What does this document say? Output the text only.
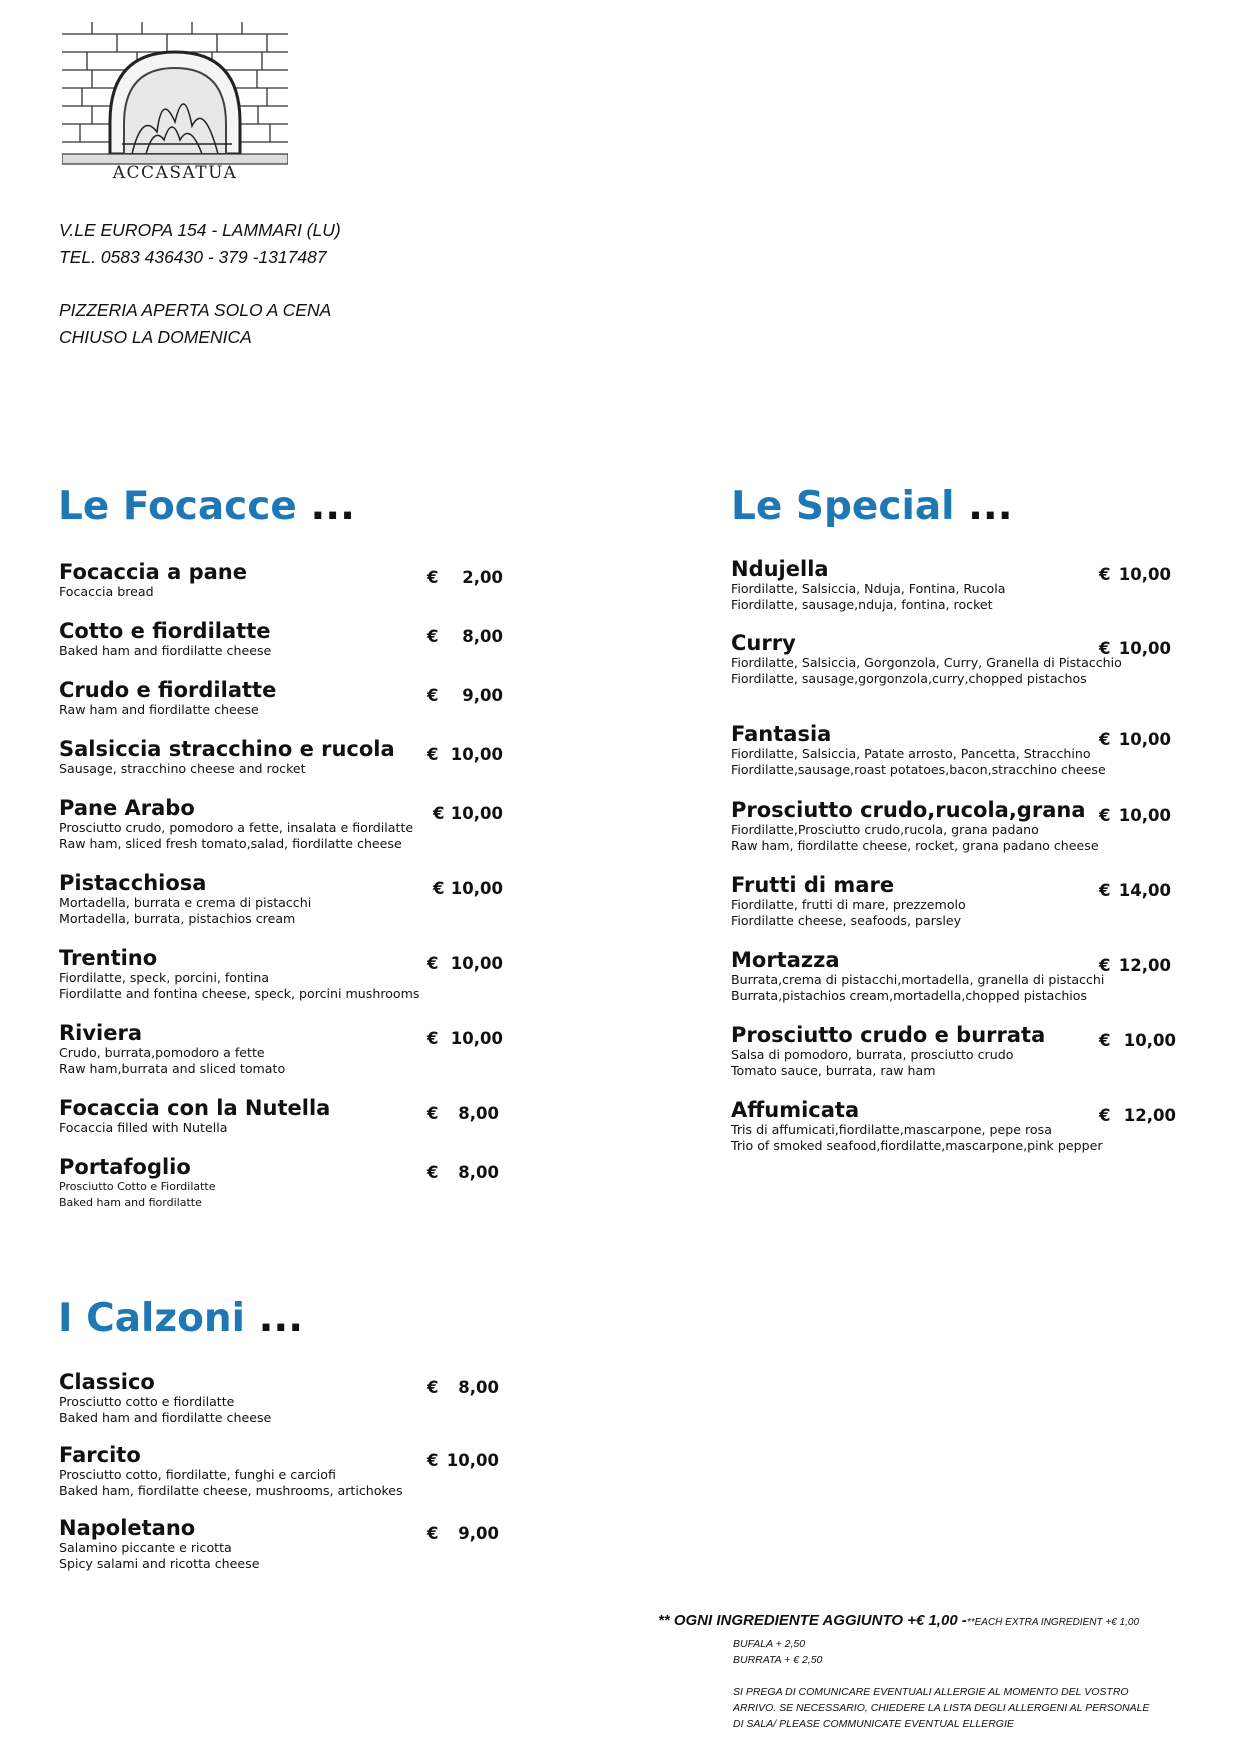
ACCASATUA
V.LE EUROPA 154 - LAMMARI (LU)
TEL. 0583 436430 - 379 -1317487
PIZZERIA APERTA SOLO A CENA
CHIUSO LA DOMENICA
Le Focacce ...
Focaccia a pane
Focaccia bread
€ 2,00
Cotto e fiordilatte
Baked ham and fiordilatte cheese
€ 8,00
Crudo e fiordilatte
Raw ham and fiordilatte cheese
€ 9,00
Salsiccia stracchino e rucola
Sausage, stracchino cheese and rocket
€ 10,00
Pane Arabo
Prosciutto crudo, pomodoro a fette, insalata e fiordilatte
Raw ham, sliced fresh tomato,salad, fiordilatte cheese
€ 10,00
Pistacchiosa
Mortadella, burrata e crema di pistacchi
Mortadella, burrata, pistachios cream
€ 10,00
Trentino
Fiordilatte, speck, porcini, fontina
Fiordilatte and fontina cheese, speck, porcini mushrooms
€ 10,00
Riviera
Crudo, burrata,pomodoro a fette
Raw ham,burrata and sliced tomato
€ 10,00
Focaccia con la Nutella
Focaccia filled with Nutella
€ 8,00
Portafoglio
Prosciutto Cotto e Fiordilatte
Baked ham and fiordilatte
€ 8,00
Le Special ...
Ndujella
Fiordilatte, Salsiccia, Nduja, Fontina, Rucola
Fiordilatte, sausage,nduja, fontina, rocket
€ 10,00
Curry
Fiordilatte, Salsiccia, Gorgonzola, Curry, Granella di Pistacchio
Fiordilatte, sausage,gorgonzola,curry,chopped pistachos
€ 10,00
Fantasia
Fiordilatte, Salsiccia, Patate arrosto, Pancetta, Stracchino
Fiordilatte,sausage,roast potatoes,bacon,stracchino cheese
€ 10,00
Prosciutto crudo,rucola,grana
Fiordilatte,Prosciutto crudo,rucola, grana padano
Raw ham, fiordilatte cheese, rocket, grana padano cheese
€ 10,00
Frutti di mare
Fiordilatte, frutti di mare, prezzemolo
Fiordilatte cheese, seafoods, parsley
€ 14,00
Mortazza
Burrata,crema di pistacchi,mortadella, granella di pistacchi
Burrata,pistachios cream,mortadella,chopped pistachios
€ 12,00
Prosciutto crudo e burrata
Salsa di pomodoro, burrata, prosciutto crudo
Tomato sauce, burrata, raw ham
€ 10,00
Affumicata
Tris di affumicati,fiordilatte,mascarpone, pepe rosa
Trio of smoked seafood,fiordilatte,mascarpone,pink pepper
€ 12,00
I Calzoni ...
Classico
Prosciutto cotto e fiordilatte
Baked ham and fiordilatte cheese
€ 8,00
Farcito
Prosciutto cotto, fiordilatte, funghi e carciofi
Baked ham, fiordilatte cheese, mushrooms, artichokes
€ 10,00
Napoletano
Salamino piccante e ricotta
Spicy salami and ricotta cheese
€ 9,00
** OGNI INGREDIENTE AGGIUNTO +€ 1,00 -**EACH EXTRA INGREDIENT +€ 1,00
BUFALA + 2,50
BURRATA + € 2,50
SI PREGA DI COMUNICARE EVENTUALI ALLERGIE AL MOMENTO DEL VOSTRO
ARRIVO. SE NECESSARIO, CHIEDERE LA LISTA DEGLI ALLERGENI AL PERSONALE
DI SALA/ PLEASE COMMUNICATE EVENTUAL ELLERGIE
